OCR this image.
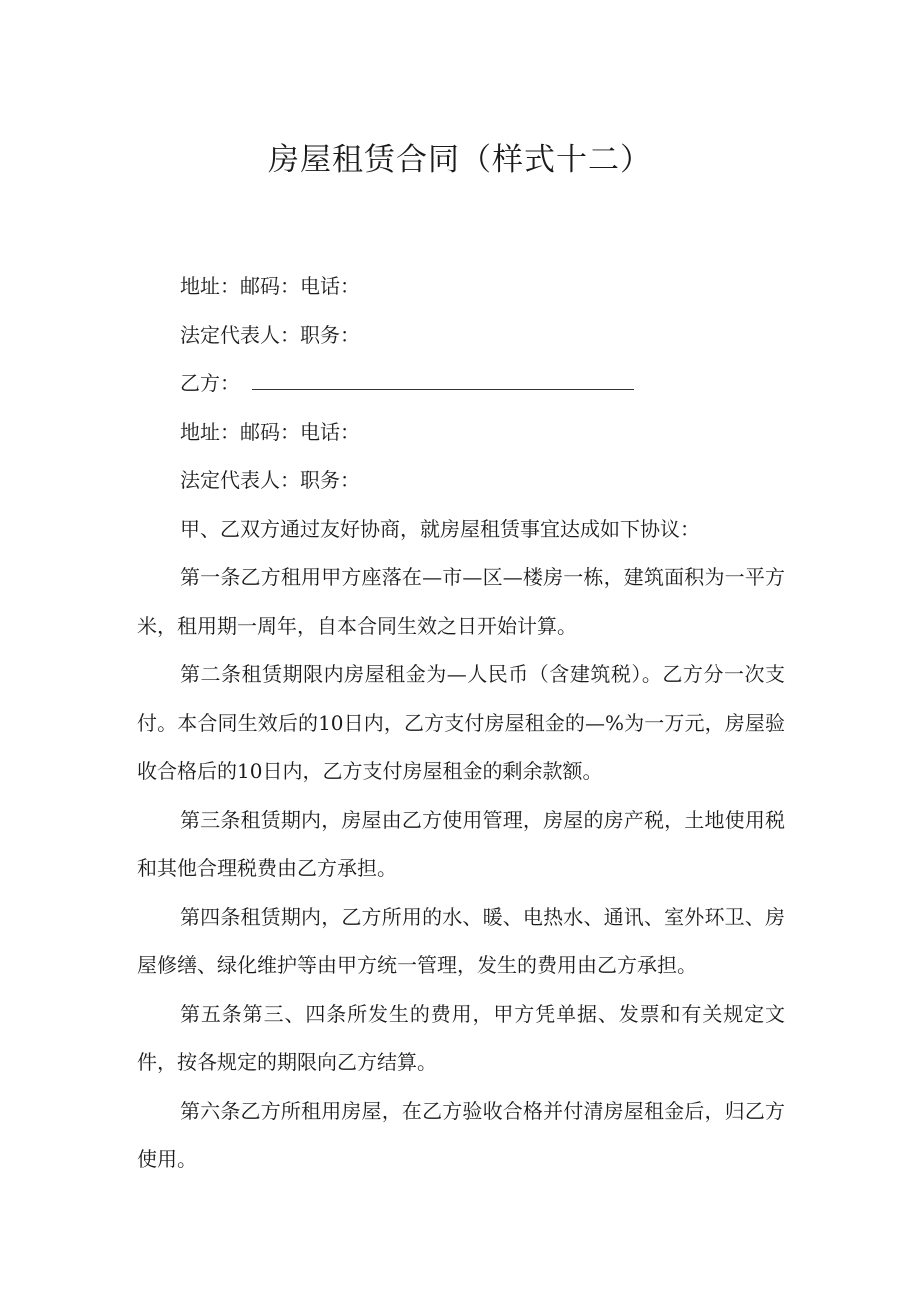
房屋租赁合同（样式十二）

地址：邮码：电话：

法定代表人：职务：

乙方：

地址：邮码：电话：

法定代表人：职务：

甲、乙双方通过友好协商，就房屋租赁事宜达成如下协议：

第一条乙方租用甲方座落在—市—区—楼房一栋，建筑面积为一平方米，租用期一周年，自本合同生效之日开始计算。

第二条租赁期限内房屋租金为—人民币（含建筑税）。乙方分一次支付。本合同生效后的10日内，乙方支付房屋租金的—%为一万元，房屋验收合格后的10日内，乙方支付房屋租金的剩余款额。

第三条租赁期内，房屋由乙方使用管理，房屋的房产税，土地使用税和其他合理税费由乙方承担。

第四条租赁期内，乙方所用的水、暖、电热水、通讯、室外环卫、房屋修缮、绿化维护等由甲方统一管理，发生的费用由乙方承担。

第五条第三、四条所发生的费用，甲方凭单据、发票和有关规定文件，按各规定的期限向乙方结算。

第六条乙方所租用房屋，在乙方验收合格并付清房屋租金后，归乙方使用。
